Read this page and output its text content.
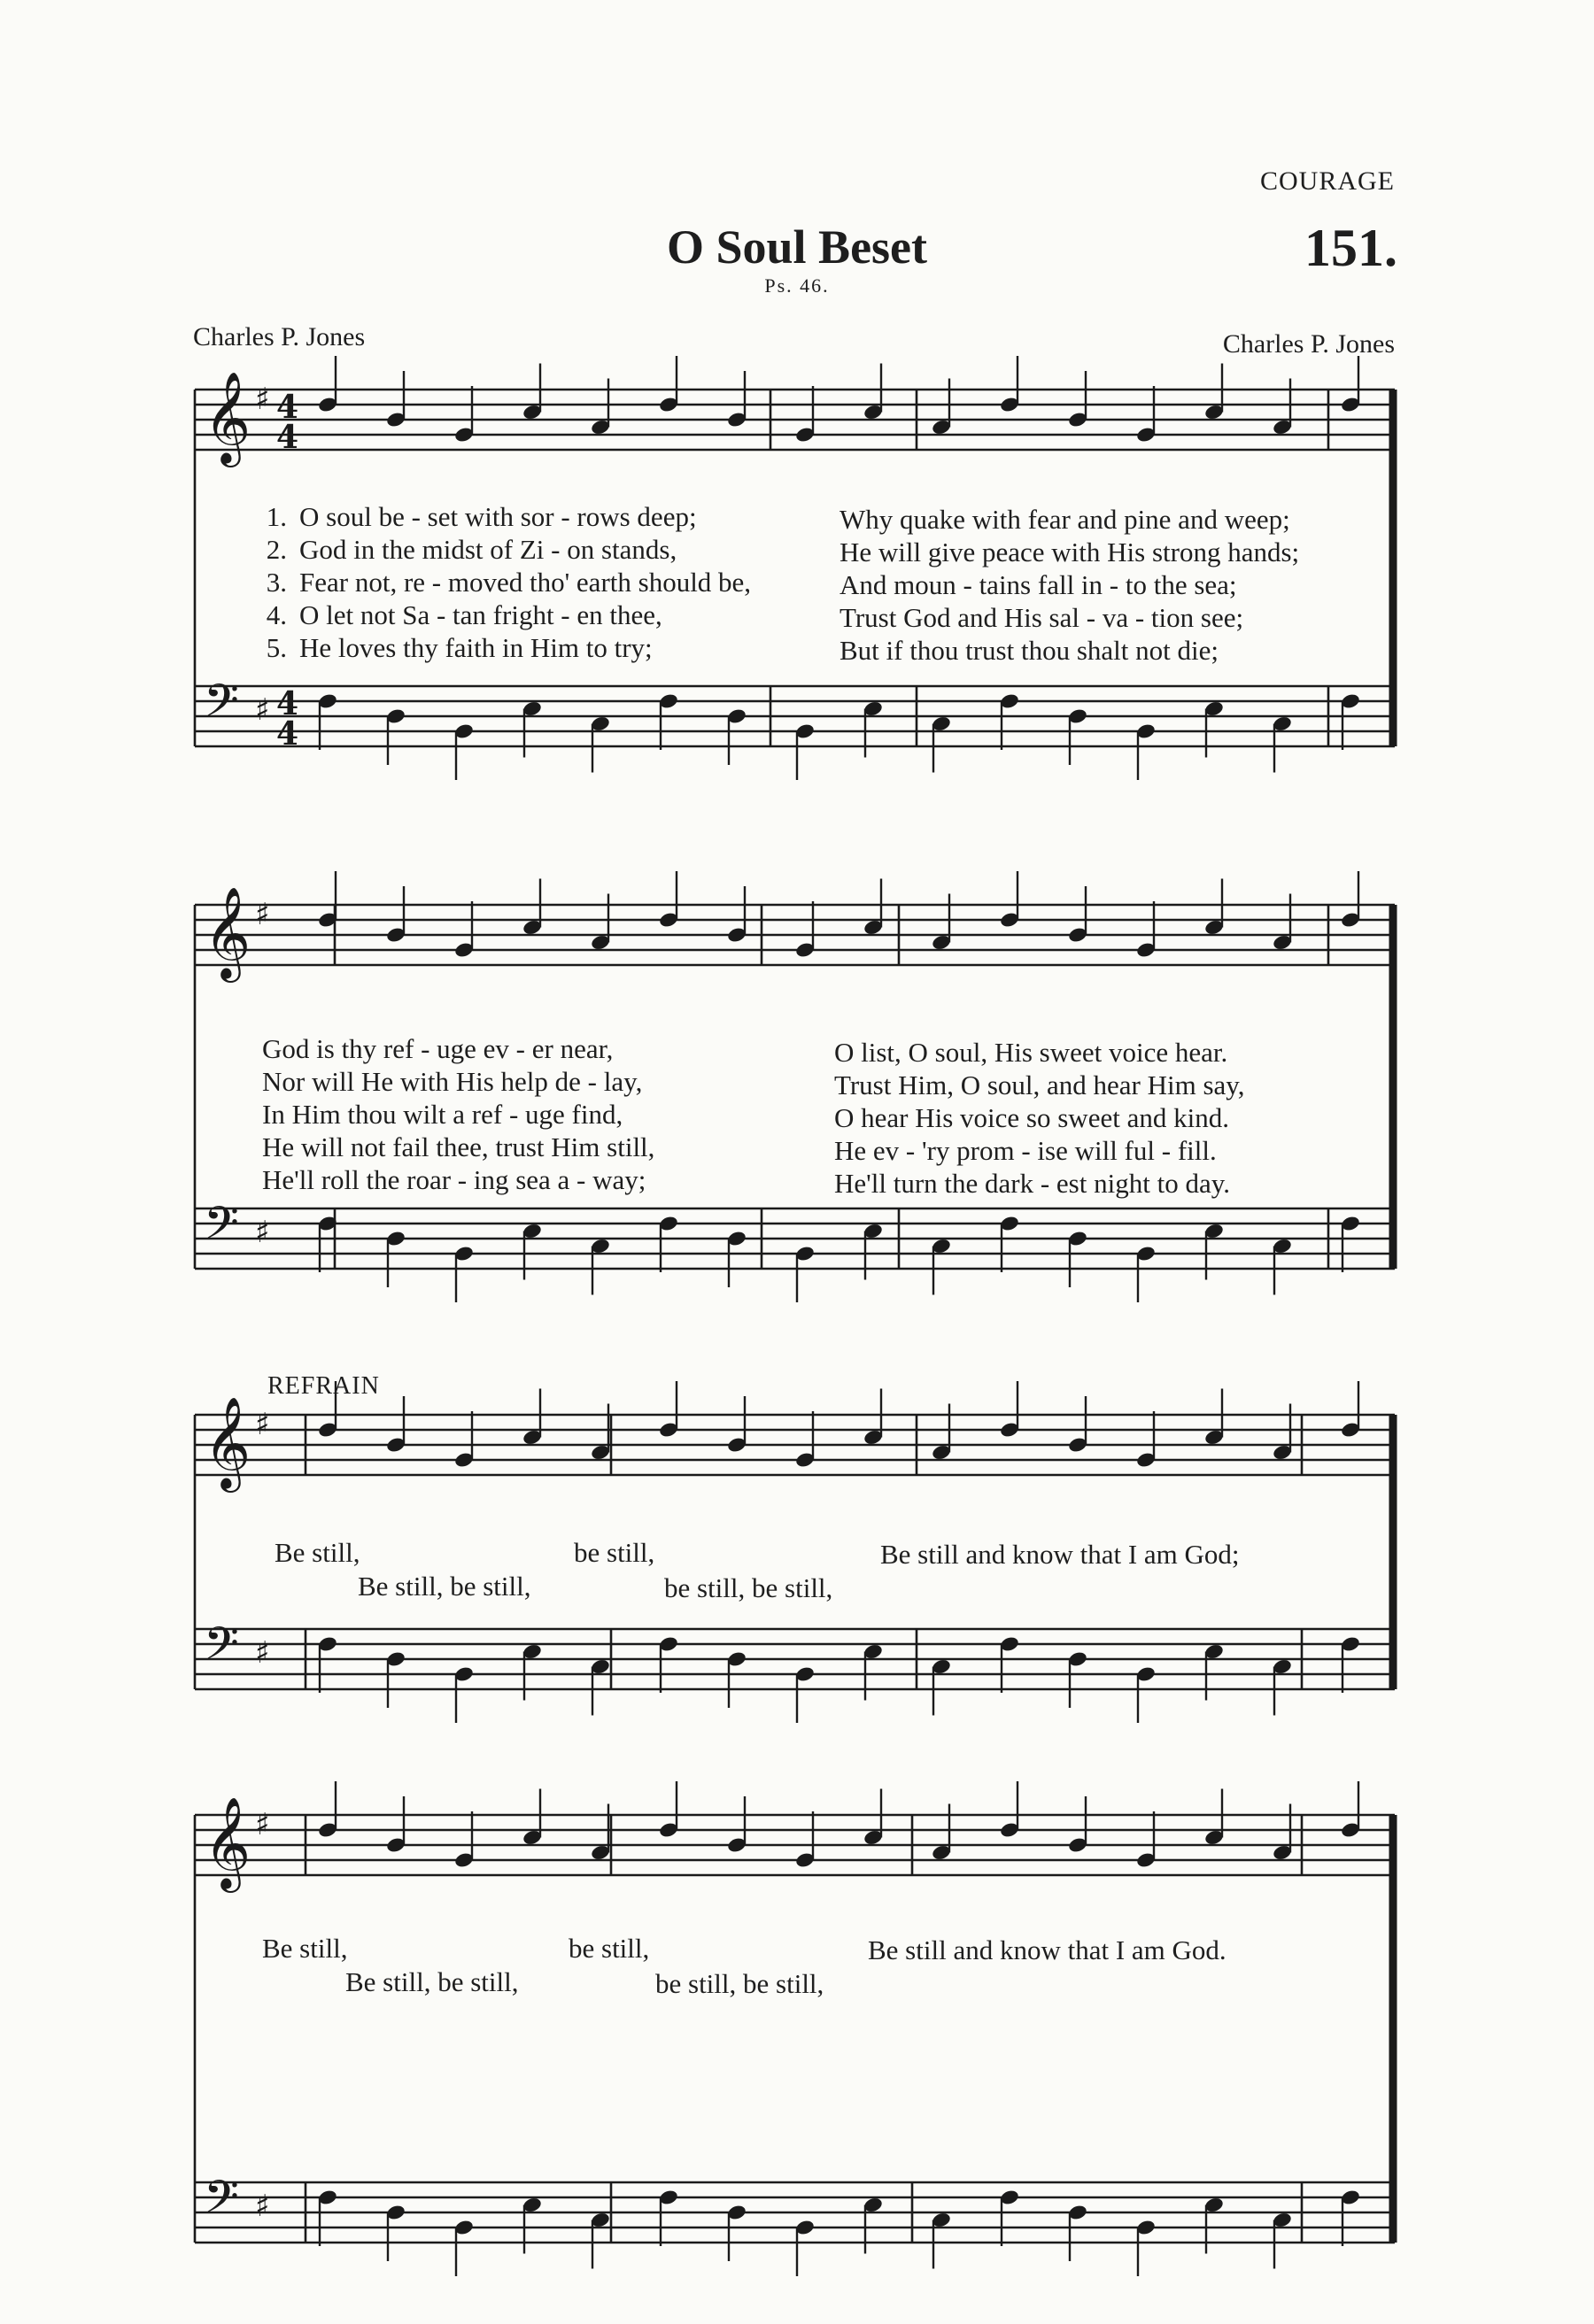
COURAGE
O Soul Beset
Ps. 46.
151.
Charles P. Jones	Charles P. Jones
𝄞 ♯ 4
4
𝄢 ♯ 4
4
𝄞 ♯
𝄢 ♯
𝄞 ♯
𝄢 ♯
𝄞 ♯
𝄢 ♯
1. O soul be - set with sor - rows deep;
2. God in the midst of Zi - on stands,
3. Fear not, re - moved tho' earth should be,
4. O let not Sa - tan fright - en thee,
5. He loves thy faith in Him to try;
Why quake with fear and pine and weep;
He will give peace with His strong hands;
And moun - tains fall in - to the sea;
Trust God and His sal - va - tion see;
But if thou trust thou shalt not die;
God is thy ref - uge ev - er near,
Nor will He with His help de - lay,
In Him thou wilt a ref - uge find,
He will not fail thee, trust Him still,
He'll roll the roar - ing sea a - way;
O list, O soul, His sweet voice hear.
Trust Him, O soul, and hear Him say,
O hear His voice so sweet and kind.
He ev - 'ry prom - ise will ful - fill.
He'll turn the dark - est night to day.
REFRAIN
Be still,	be still,	Be still and know that I am God;
Be still, be still,	be still, be still,
Be still,	be still,	Be still and know that I am God.
Be still, be still,	be still, be still,
